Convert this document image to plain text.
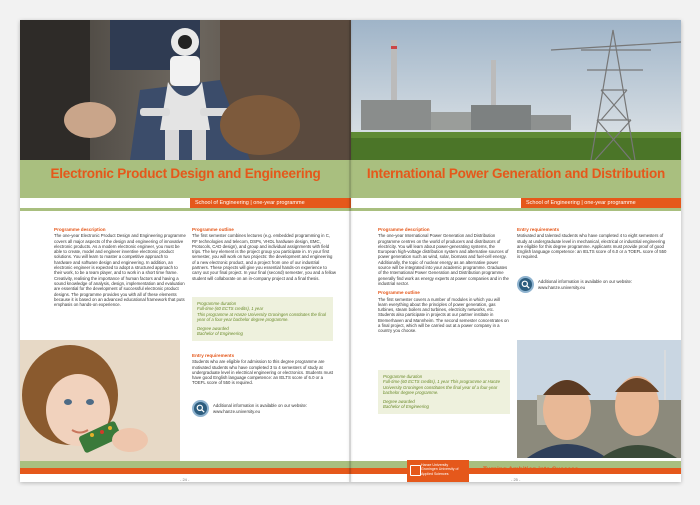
Electronic Product Design and Engineering
School of Engineering | one-year programme
Programme description
The one-year Electronic Product Design and Engineering programme covers all major aspects of the design and engineering of innovative electronic products. As a modern electronic engineer, you must be able to create, model and engineer inventive electronic product solutions. You will learn to master a competitive approach to hardware and software design and engineering. In addition, an electronic engineer is expected to adopt a structured approach to their work, to be a team player, and to work in a short time frame. Creativity, realising the importance of human factors and having a sound knowledge of analysis, design, implementation and evaluation are essential for the development of successful electronic product designs. The programme provides you with all of these elements because it is based on an advanced educational framework that puts emphasis on hands-on experience.
Programme outline
The first semester combines lectures (e.g. embedded programming in C, RF technologies and telecom, DSPs, VHDL hardware design, EMC, Protocols, CAD design), and group and individual assignments with field trips. The key element is the project group you participate in. In your first semester, you will work on two projects: the development and engineering of a new electronic product, and a project from one of our industrial partners. These projects will give you essential hands-on experience to carry out your final project. In your final (second) semester, you and a fellow student will collaborate on an in-company project and a final thesis.
Programme duration
Full-time (60 ECTS credits), 1 year
This programme at Hanze University Groningen constitutes the final year of a four-year bachelor degree programme.
Degree awarded
Bachelor of Engineering
Entry requirements
Students who are eligible for admission to this degree programme are motivated students who have completed 3 to 4 semesters of study at undergraduate level in electrical engineering or electronics. Students must have good English language competence: an IELTS score of 6.0 or a TOEFL score of 550 is required.
Additional information is available on our website: www.hanze.university.eu
- 24 -
International Power Generation and Distribution
School of Engineering | one-year programme
Programme description
The one-year International Power Generation and Distribution programme centres on the world of producers and distributors of electricity. You will learn about power-generating systems, the European high-voltage distribution system and alternative sources of power generation such as wind, solar, biomass and fuel-cell energy. Additionally, the topic of nuclear energy as an alternative power source will be integrated into your academic programme. Graduates of the International Power Generation and Distribution programme generally find work as energy experts at power companies and in the industrial sector.
Programme outline
The first semester covers a number of modules in which you will learn everything about the principles of power generation, gas turbines, steam boilers and turbines, electricity networks, etc. Students also participate in projects at our partner institute in Bremerhaven and Mannheim. The second semester concentrates on a final project, which will be carried out at a power company in a country you choose.
Programme duration
Full-time (60 ECTS credits), 1 year This programme at Hanze University Groningen constitutes the final year of a four-year bachelor degree programme.
Degree awarded
Bachelor of Engineering
Entry requirements
Motivated and talented students who have completed 4 to eight semesters of study at undergraduate level in mechanical, electrical or industrial engineering are eligible for this degree programme. Applicants must provide proof of good English language competence: an IELTS score of 6.0 or a TOEFL score of 550 is required.
Additional information is available on our website: www.hanze.university.eu
Hanze University Groningen University of Applied Sciences
Turning Ambition into Success
- 25 -
